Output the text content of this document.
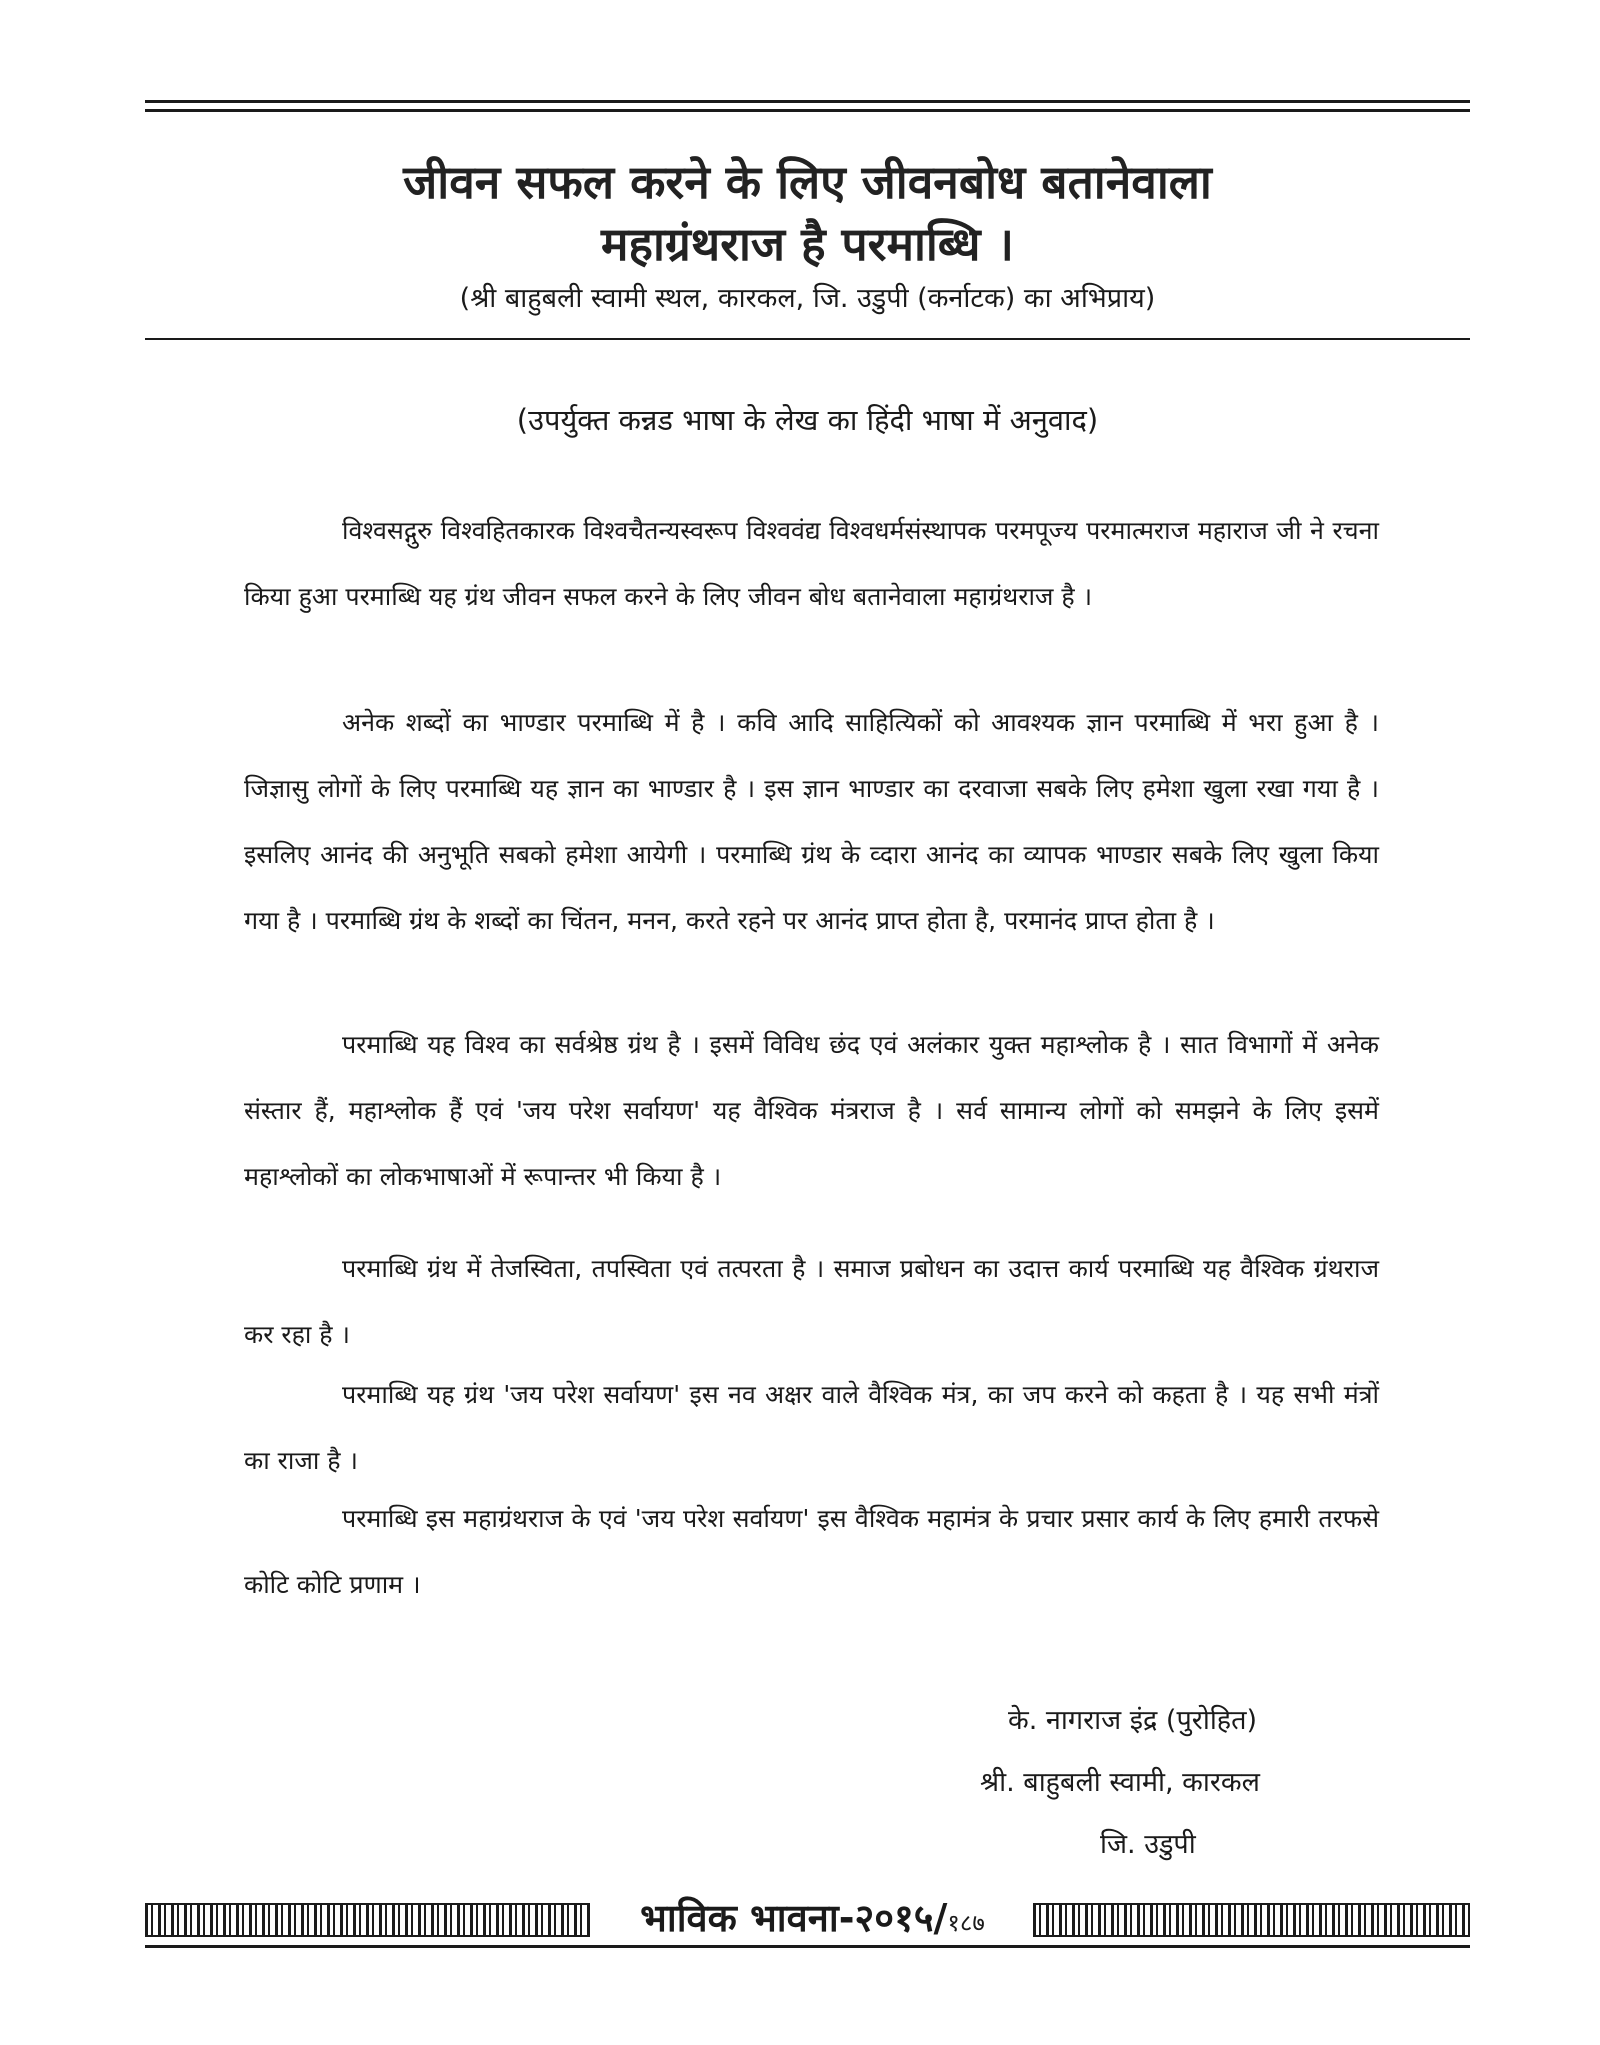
जीवन सफल करने के लिए जीवनबोध बतानेवाला
महाग्रंथराज है परमाब्धि ।
(श्री बाहुबली स्वामी स्थल, कारकल, जि. उडुपी (कर्नाटक) का अभिप्राय)
(उपर्युक्त कन्नड भाषा के लेख का हिंदी भाषा में अनुवाद)

विश्वसद्गुरु विश्वहितकारक विश्वचैतन्यस्वरूप विश्ववंद्य विश्वधर्मसंस्थापक परमपूज्य परमात्मराज महाराज जी ने रचना किया हुआ परमाब्धि यह ग्रंथ जीवन सफल करने के लिए जीवन बोध बतानेवाला महाग्रंथराज है ।

अनेक शब्दों का भाण्डार परमाब्धि में है । कवि आदि साहित्यिकों को आवश्यक ज्ञान परमाब्धि में भरा हुआ है । जिज्ञासु लोगों के लिए परमाब्धि यह ज्ञान का भाण्डार है । इस ज्ञान भाण्डार का दरवाजा सबके लिए हमेशा खुला रखा गया है । इसलिए आनंद की अनुभूति सबको हमेशा आयेगी । परमाब्धि ग्रंथ के व्दारा आनंद का व्यापक भाण्डार सबके लिए खुला किया गया है । परमाब्धि ग्रंथ के शब्दों का चिंतन, मनन, करते रहने पर आनंद प्राप्त होता है, परमानंद प्राप्त होता है ।

परमाब्धि यह विश्व का सर्वश्रेष्ठ ग्रंथ है । इसमें विविध छंद एवं अलंकार युक्त महाश्लोक है । सात विभागों में अनेक संस्तार हैं, महाश्लोक हैं एवं 'जय परेश सर्वायण' यह वैश्विक मंत्रराज है । सर्व सामान्य लोगों को समझने के लिए इसमें महाश्लोकों का लोकभाषाओं में रूपान्तर भी किया है ।

परमाब्धि ग्रंथ में तेजस्विता, तपस्विता एवं तत्परता है । समाज प्रबोधन का उदात्त कार्य परमाब्धि यह वैश्विक ग्रंथराज कर रहा है ।

परमाब्धि यह ग्रंथ 'जय परेश सर्वायण' इस नव अक्षर वाले वैश्विक मंत्र, का जप करने को कहता है । यह सभी मंत्रों का राजा है ।

परमाब्धि इस महाग्रंथराज के एवं 'जय परेश सर्वायण' इस वैश्विक महामंत्र के प्रचार प्रसार कार्य के लिए हमारी तरफसे कोटि कोटि प्रणाम ।

के. नागराज इंद्र (पुरोहित)
श्री. बाहुबली स्वामी, कारकल
जि. उडुपी
भाविक भावना-२०१५/१८७
